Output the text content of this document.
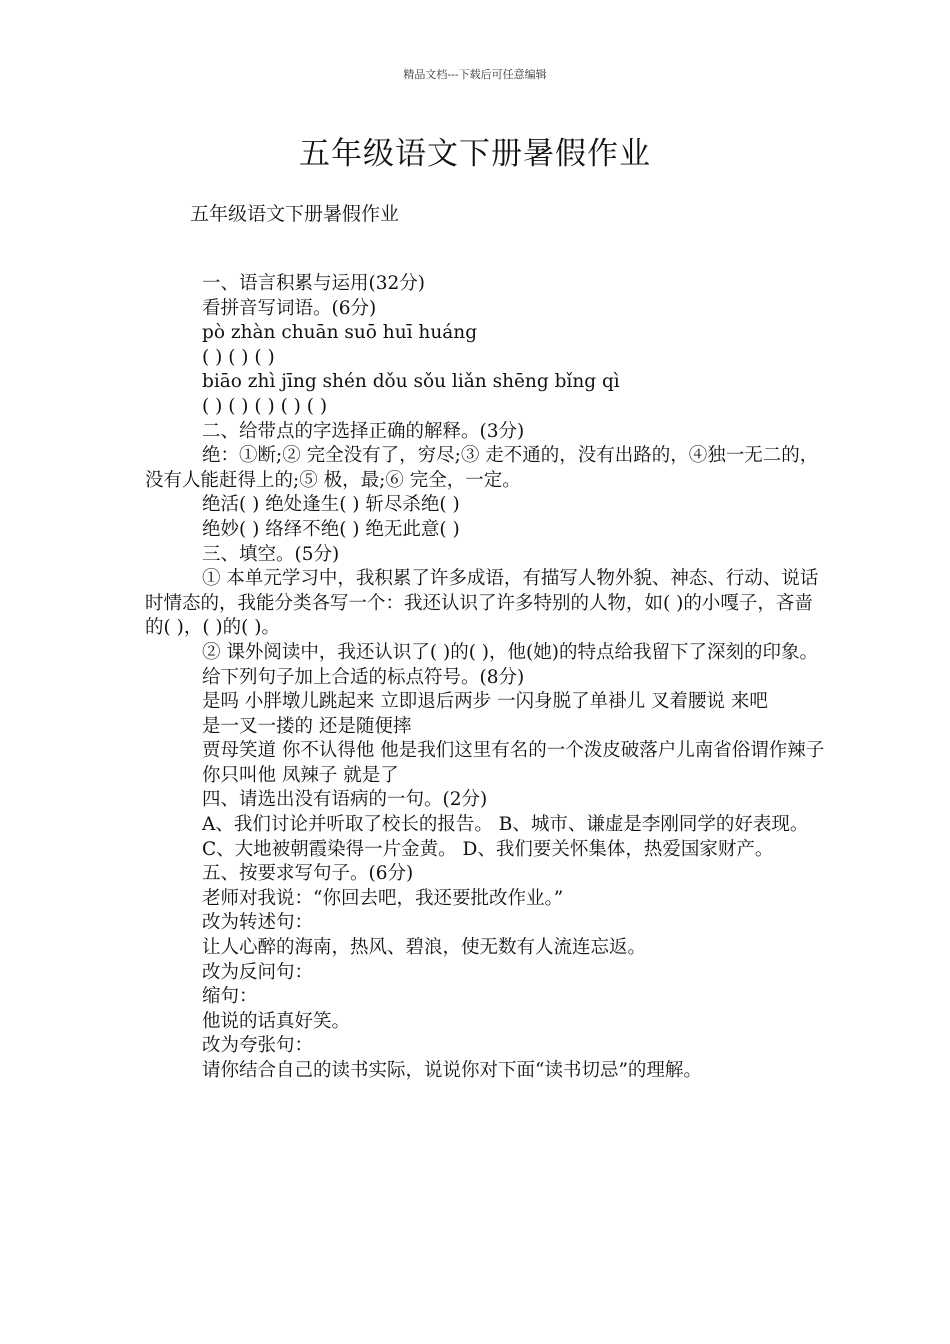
精品文档---下载后可任意编辑
五年级语文下册暑假作业
五年级语文下册暑假作业
一、语言积累与运用(32分)
看拼音写词语。(6分)
pò zhàn chuān suō huī huáng
( ) ( ) ( )
biāo zhì jīng shén dǒu sǒu liǎn shēng bǐng qì
( ) ( ) ( ) ( ) ( )
二、给带点的字选择正确的解释。(3分)
绝：①断;② 完全没有了，穷尽;③ 走不通的，没有出路的，④独一无二的，没有人能赶得上的;⑤ 极，最;⑥ 完全，一定。
绝活( ) 绝处逢生( ) 斩尽杀绝( )
绝妙( ) 络绎不绝( ) 绝无此意( )
三、填空。(5分)
① 本单元学习中，我积累了许多成语，有描写人物外貌、神态、行动、说话时情态的，我能分类各写一个：我还认识了许多特别的人物，如( )的小嘎子，吝啬的( )，( )的( )。
② 课外阅读中，我还认识了( )的( )，他(她)的特点给我留下了深刻的印象。
给下列句子加上合适的标点符号。(8分)
是吗 小胖墩儿跳起来 立即退后两步 一闪身脱了单褂儿 叉着腰说 来吧
是一叉一搂的 还是随便摔
贾母笑道 你不认得他 他是我们这里有名的一个泼皮破落户儿南省俗谓作辣子
你只叫他 凤辣子 就是了
四、请选出没有语病的一句。(2分)
A、我们讨论并听取了校长的报告。 B、城市、谦虚是李刚同学的好表现。
C、大地被朝霞染得一片金黄。 D、我们要关怀集体，热爱国家财产。
五、按要求写句子。(6分)
老师对我说：“你回去吧，我还要批改作业。”
改为转述句：
让人心醉的海南，热风、碧浪，使无数有人流连忘返。
改为反问句：
缩句：
他说的话真好笑。
改为夸张句：
请你结合自己的读书实际，说说你对下面“读书切忌”的理解。
